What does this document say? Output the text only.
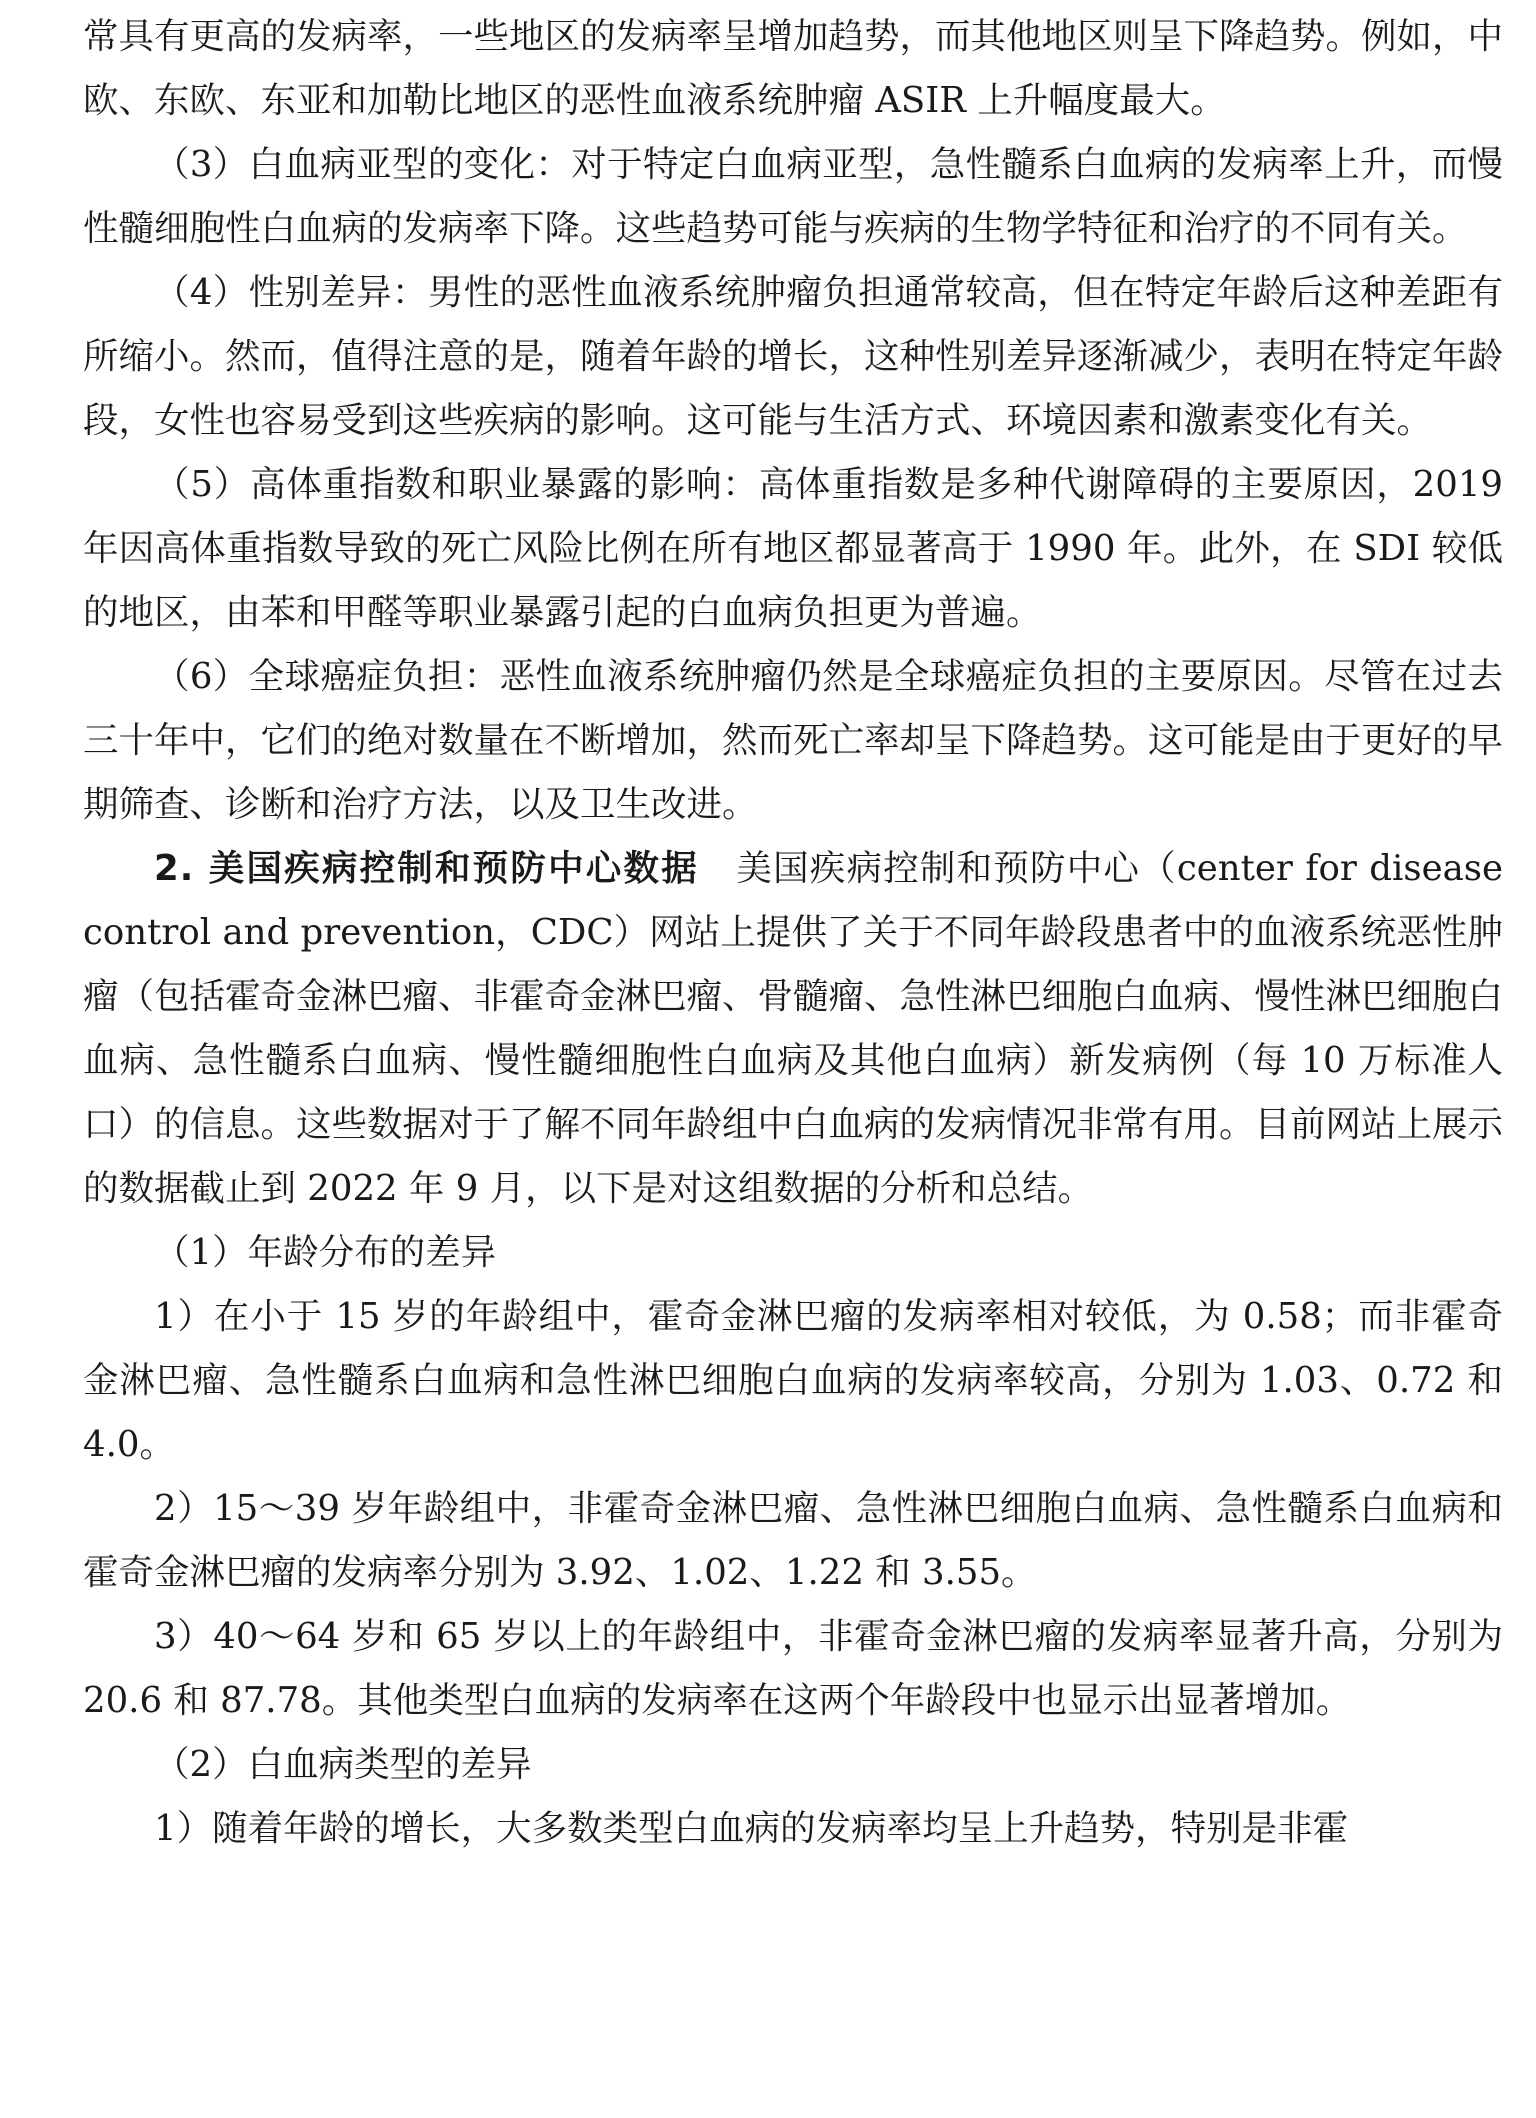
常具有更高的发病率，一些地区的发病率呈增加趋势，而其他地区则呈下降趋势。例如，中欧、东欧、东亚和加勒比地区的恶性血液系统肿瘤 ASIR 上升幅度最大。

（3）白血病亚型的变化：对于特定白血病亚型，急性髓系白血病的发病率上升，而慢性髓细胞性白血病的发病率下降。这些趋势可能与疾病的生物学特征和治疗的不同有关。

（4）性别差异：男性的恶性血液系统肿瘤负担通常较高，但在特定年龄后这种差距有所缩小。然而，值得注意的是，随着年龄的增长，这种性别差异逐渐减少，表明在特定年龄段，女性也容易受到这些疾病的影响。这可能与生活方式、环境因素和激素变化有关。

（5）高体重指数和职业暴露的影响：高体重指数是多种代谢障碍的主要原因，2019 年因高体重指数导致的死亡风险比例在所有地区都显著高于 1990 年。此外，在 SDI 较低的地区，由苯和甲醛等职业暴露引起的白血病负担更为普遍。

（6）全球癌症负担：恶性血液系统肿瘤仍然是全球癌症负担的主要原因。尽管在过去三十年中，它们的绝对数量在不断增加，然而死亡率却呈下降趋势。这可能是由于更好的早期筛查、诊断和治疗方法，以及卫生改进。

2. 美国疾病控制和预防中心数据 美国疾病控制和预防中心（center for disease control and prevention，CDC）网站上提供了关于不同年龄段患者中的血液系统恶性肿瘤（包括霍奇金淋巴瘤、非霍奇金淋巴瘤、骨髓瘤、急性淋巴细胞白血病、慢性淋巴细胞白血病、急性髓系白血病、慢性髓细胞性白血病及其他白血病）新发病例（每 10 万标准人口）的信息。这些数据对于了解不同年龄组中白血病的发病情况非常有用。目前网站上展示的数据截止到 2022 年 9 月，以下是对这组数据的分析和总结。

（1）年龄分布的差异

1）在小于 15 岁的年龄组中，霍奇金淋巴瘤的发病率相对较低，为 0.58；而非霍奇金淋巴瘤、急性髓系白血病和急性淋巴细胞白血病的发病率较高，分别为 1.03、0.72 和 4.0。

2）15～39 岁年龄组中，非霍奇金淋巴瘤、急性淋巴细胞白血病、急性髓系白血病和霍奇金淋巴瘤的发病率分别为 3.92、1.02、1.22 和 3.55。

3）40～64 岁和 65 岁以上的年龄组中，非霍奇金淋巴瘤的发病率显著升高，分别为 20.6 和 87.78。其他类型白血病的发病率在这两个年龄段中也显示出显著增加。

（2）白血病类型的差异

1）随着年龄的增长，大多数类型白血病的发病率均呈上升趋势，特别是非霍
